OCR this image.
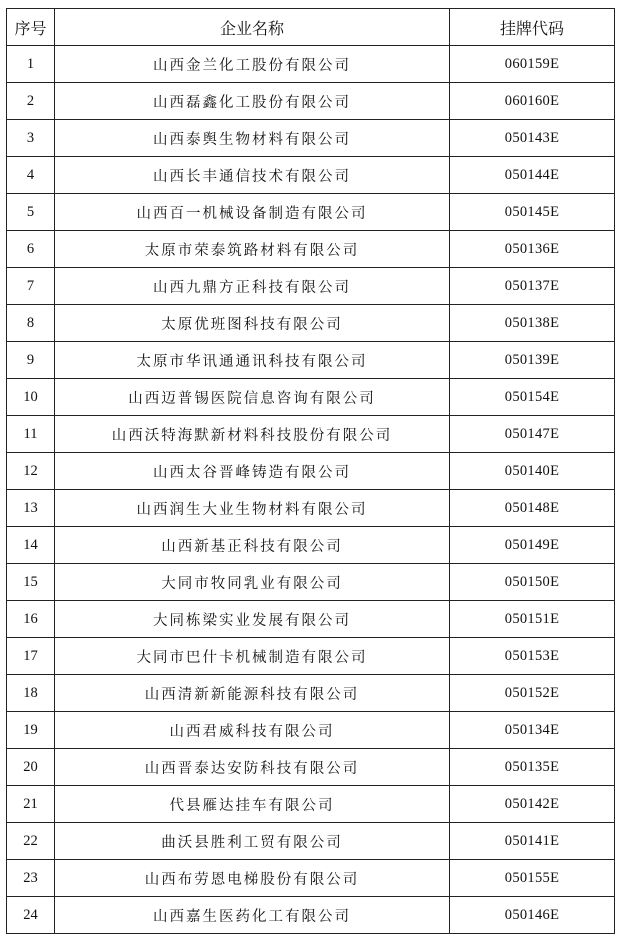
序号	企业名称	挂牌代码
1	山西金兰化工股份有限公司	060159E
2	山西磊鑫化工股份有限公司	060160E
3	山西泰舆生物材料有限公司	050143E
4	山西长丰通信技术有限公司	050144E
5	山西百一机械设备制造有限公司	050145E
6	太原市荣泰筑路材料有限公司	050136E
7	山西九鼎方正科技有限公司	050137E
8	太原优班图科技有限公司	050138E
9	太原市华讯通通讯科技有限公司	050139E
10	山西迈普锡医院信息咨询有限公司	050154E
11	山西沃特海默新材料科技股份有限公司	050147E
12	山西太谷晋峰铸造有限公司	050140E
13	山西润生大业生物材料有限公司	050148E
14	山西新基正科技有限公司	050149E
15	大同市牧同乳业有限公司	050150E
16	大同栋梁实业发展有限公司	050151E
17	大同市巴什卡机械制造有限公司	050153E
18	山西清新新能源科技有限公司	050152E
19	山西君威科技有限公司	050134E
20	山西晋泰达安防科技有限公司	050135E
21	代县雁达挂车有限公司	050142E
22	曲沃县胜利工贸有限公司	050141E
23	山西布劳恩电梯股份有限公司	050155E
24	山西嘉生医药化工有限公司	050146E
